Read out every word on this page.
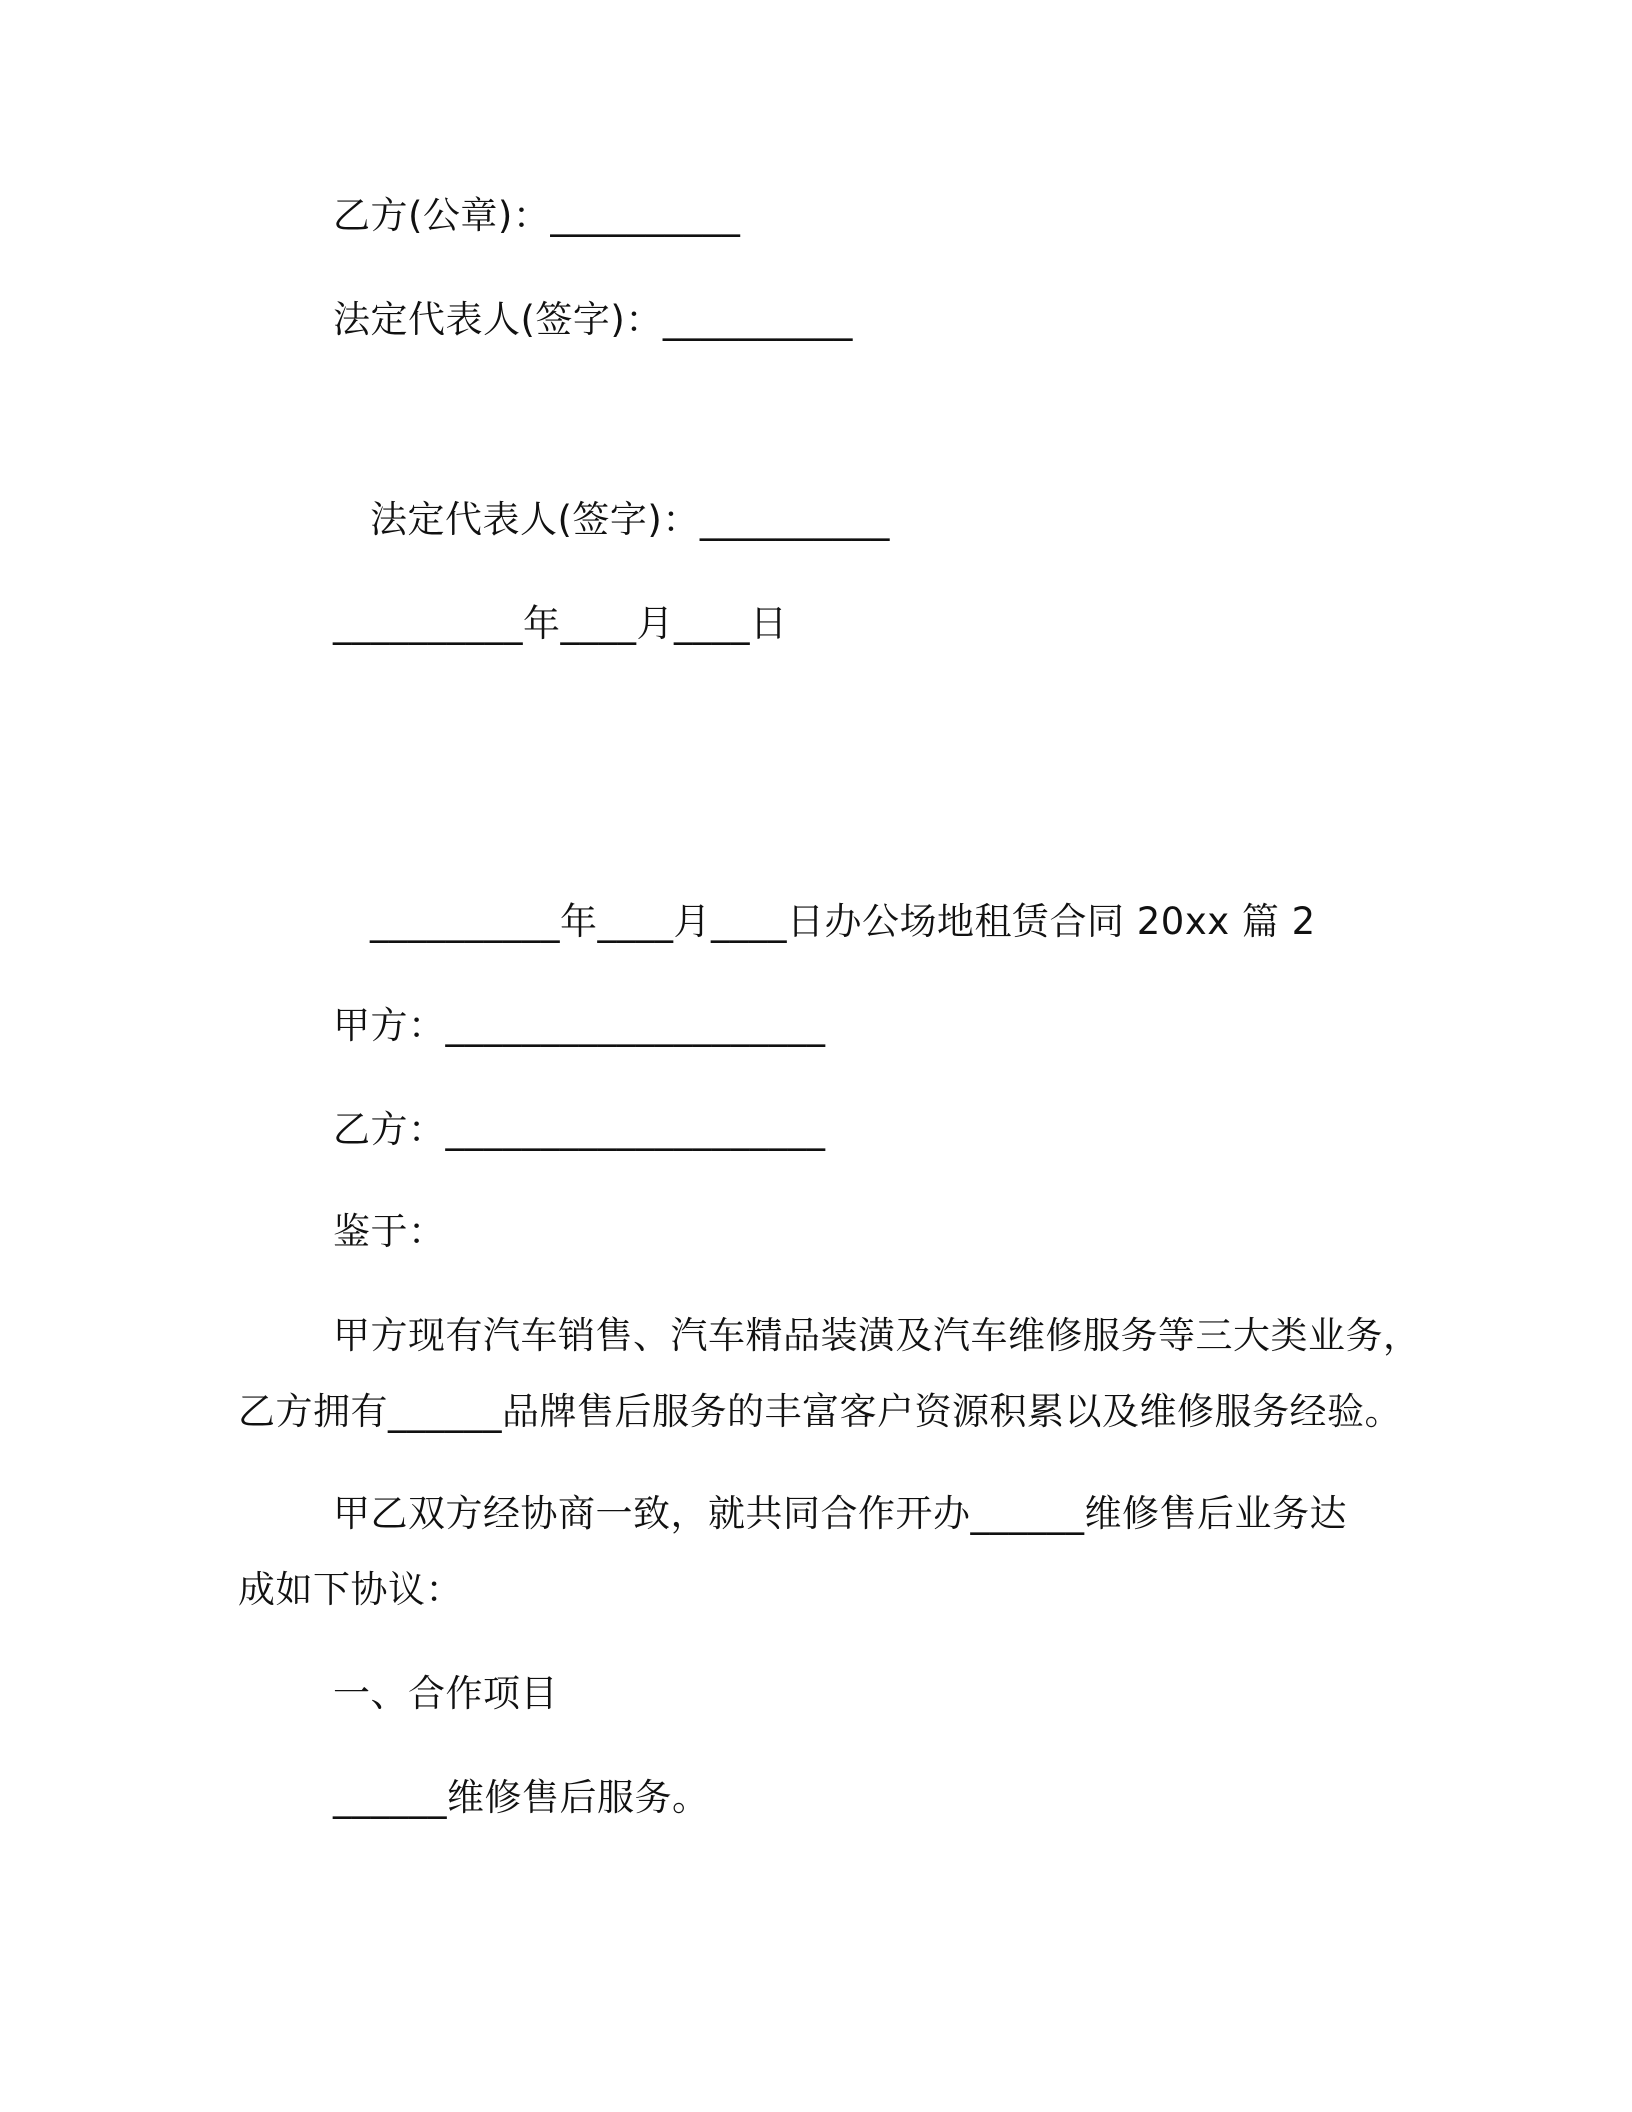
乙方(公章)：__________
法定代表人(签字)：__________
法定代表人(签字)：__________
__________年____月____日
__________年____月____日办公场地租赁合同 20xx 篇 2
甲方：____________________
乙方：____________________
鉴于：
甲方现有汽车销售、汽车精品装潢及汽车维修服务等三大类业务，
乙方拥有______品牌售后服务的丰富客户资源积累以及维修服务经验。
甲乙双方经协商一致，就共同合作开办______维修售后业务达
成如下协议：
一、合作项目
______维修售后服务。
